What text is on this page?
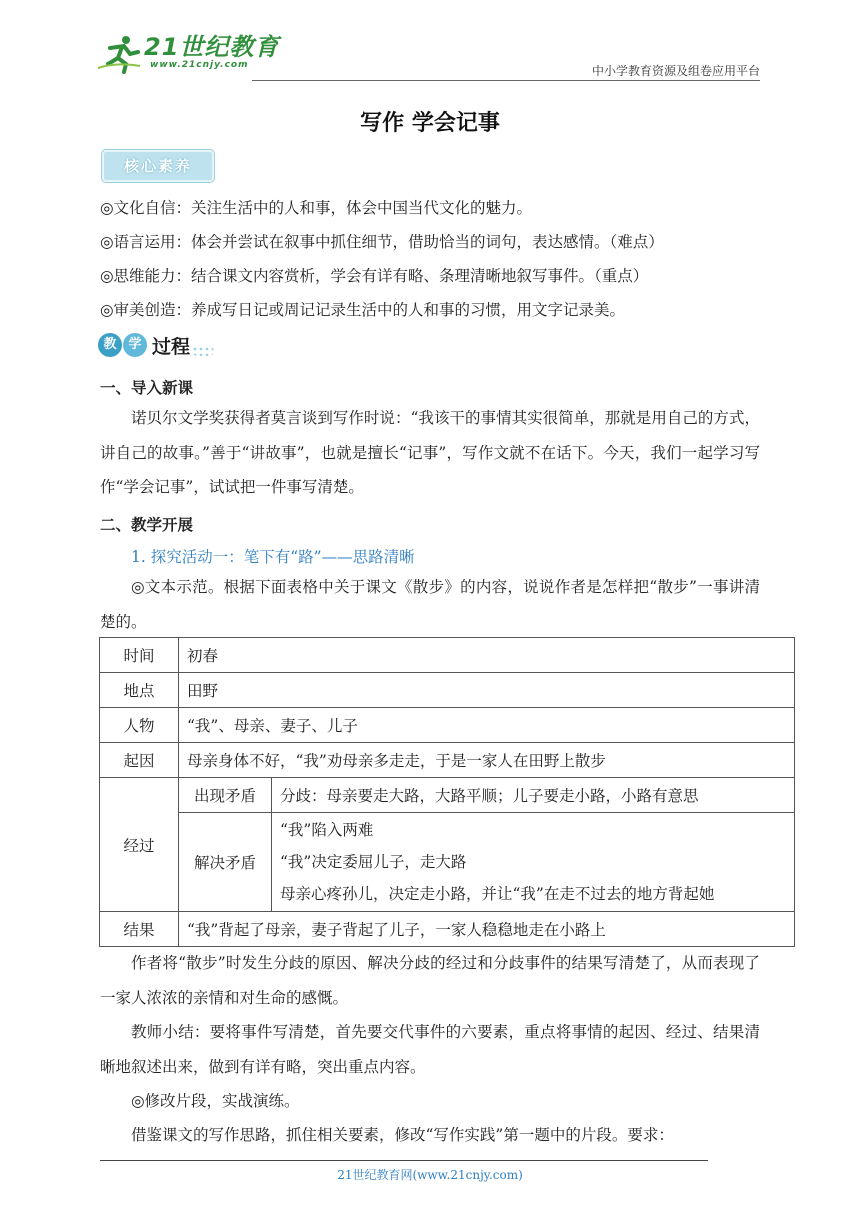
21世纪教育
www.21cnjy.com	中小学教育资源及组卷应用平台
写作 学会记事
核心素养
◎文化自信：关注生活中的人和事，体会中国当代文化的魅力。
◎语言运用：体会并尝试在叙事中抓住细节，借助恰当的词句，表达感情。（难点）
◎思维能力：结合课文内容赏析，学会有详有略、条理清晰地叙写事件。（重点）
◎审美创造：养成写日记或周记记录生活中的人和事的习惯，用文字记录美。
教 学 过程
一、导入新课
诺贝尔文学奖获得者莫言谈到写作时说：“我该干的事情其实很简单，那就是用自己的方式，讲自己的故事。”善于“讲故事”，也就是擅长“记事”，写作文就不在话下。今天，我们一起学习写作“学会记事”，试试把一件事写清楚。
二、教学开展
1. 探究活动一：笔下有“路”——思路清晰
◎文本示范。根据下面表格中关于课文《散步》的内容，说说作者是怎样把“散步”一事讲清楚的。
时间	初春	
地点	田野	
人物	“我”、母亲、妻子、儿子	
起因	母亲身体不好，“我”劝母亲多走走，于是一家人在田野上散步	
经过	出现矛盾	分歧：母亲要走大路，大路平顺；儿子要走小路，小路有意思
	解决矛盾	“我”陷入两难
“我”决定委屈儿子，走大路
母亲心疼孙儿，决定走小路，并让“我”在走不过去的地方背起她

结果	“我”背起了母亲，妻子背起了儿子，一家人稳稳地走在小路上	
作者将“散步”时发生分歧的原因、解决分歧的经过和分歧事件的结果写清楚了，从而表现了一家人浓浓的亲情和对生命的感慨。
教师小结：要将事件写清楚，首先要交代事件的六要素，重点将事情的起因、经过、结果清晰地叙述出来，做到有详有略，突出重点内容。
◎修改片段，实战演练。
借鉴课文的写作思路，抓住相关要素，修改“写作实践”第一题中的片段。要求：
21世纪教育网(www.21cnjy.com)
